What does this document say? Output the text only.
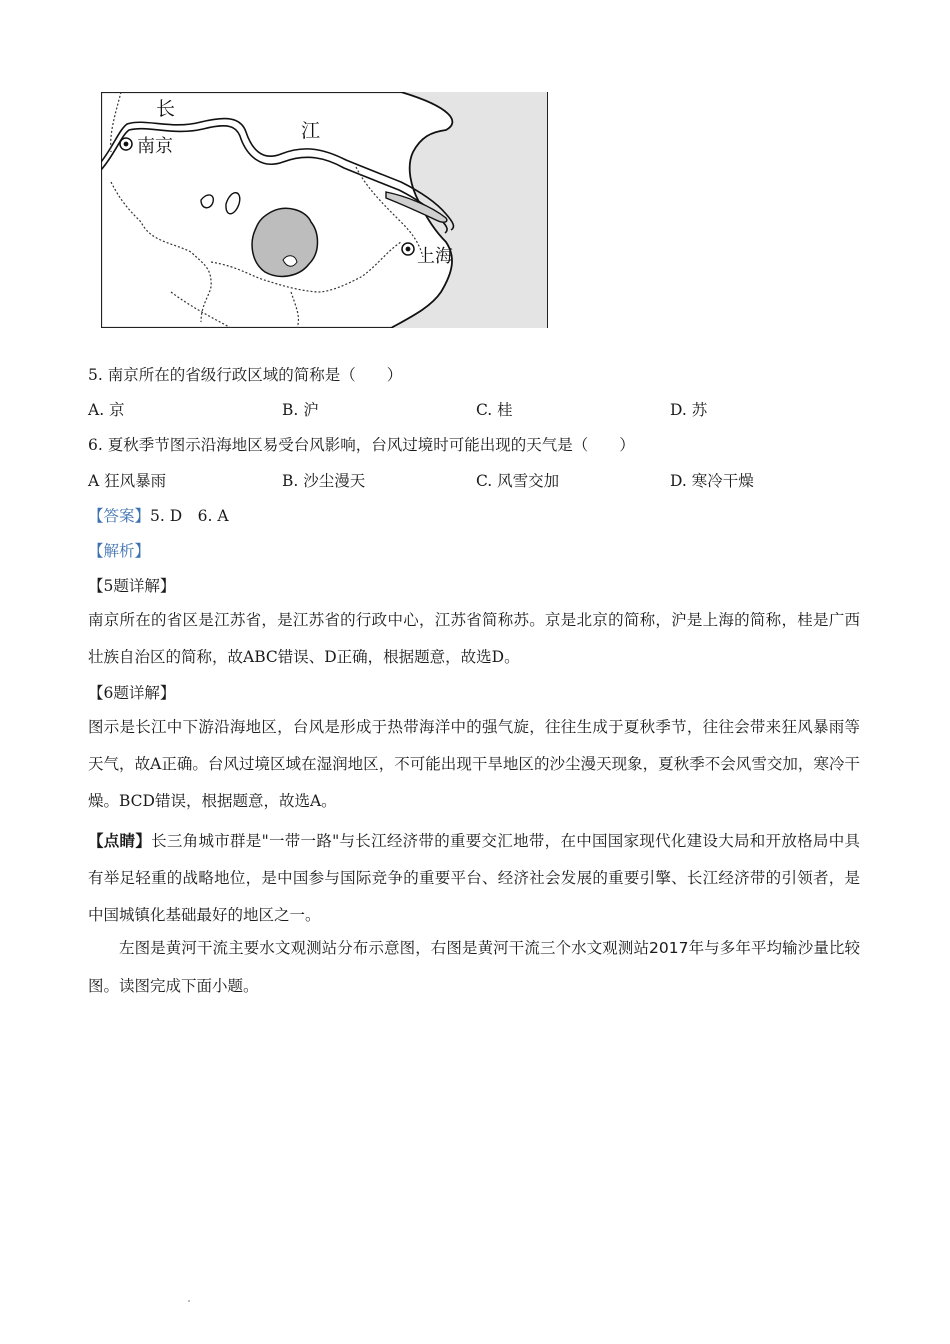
长
江
南京
上海
5. 南京所在的省级行政区域的简称是（　　）
A. 京	B. 沪	C. 桂	D. 苏
6. 夏秋季节图示沿海地区易受台风影响，台风过境时可能出现的天气是（　　）
A 狂风暴雨	B. 沙尘漫天	C. 风雪交加	D. 寒冷干燥
【答案】5. D　6. A
【解析】
【5题详解】
南京所在的省区是江苏省，是江苏省的行政中心，江苏省简称苏。京是北京的简称，沪是上海的简称，桂是广西壮族自治区的简称，故ABC错误、D正确，根据题意，故选D。
【6题详解】
图示是长江中下游沿海地区，台风是形成于热带海洋中的强气旋，往往生成于夏秋季节，往往会带来狂风暴雨等天气，故A正确。台风过境区域在湿润地区，不可能出现干旱地区的沙尘漫天现象，夏秋季不会风雪交加，寒冷干燥。BCD错误，根据题意，故选A。
【点睛】长三角城市群是"一带一路"与长江经济带的重要交汇地带，在中国国家现代化建设大局和开放格局中具有举足轻重的战略地位，是中国参与国际竞争的重要平台、经济社会发展的重要引擎、长江经济带的引领者，是中国城镇化基础最好的地区之一。
左图是黄河干流主要水文观测站分布示意图，右图是黄河干流三个水文观测站2017年与多年平均输沙量比较图。读图完成下面小题。
